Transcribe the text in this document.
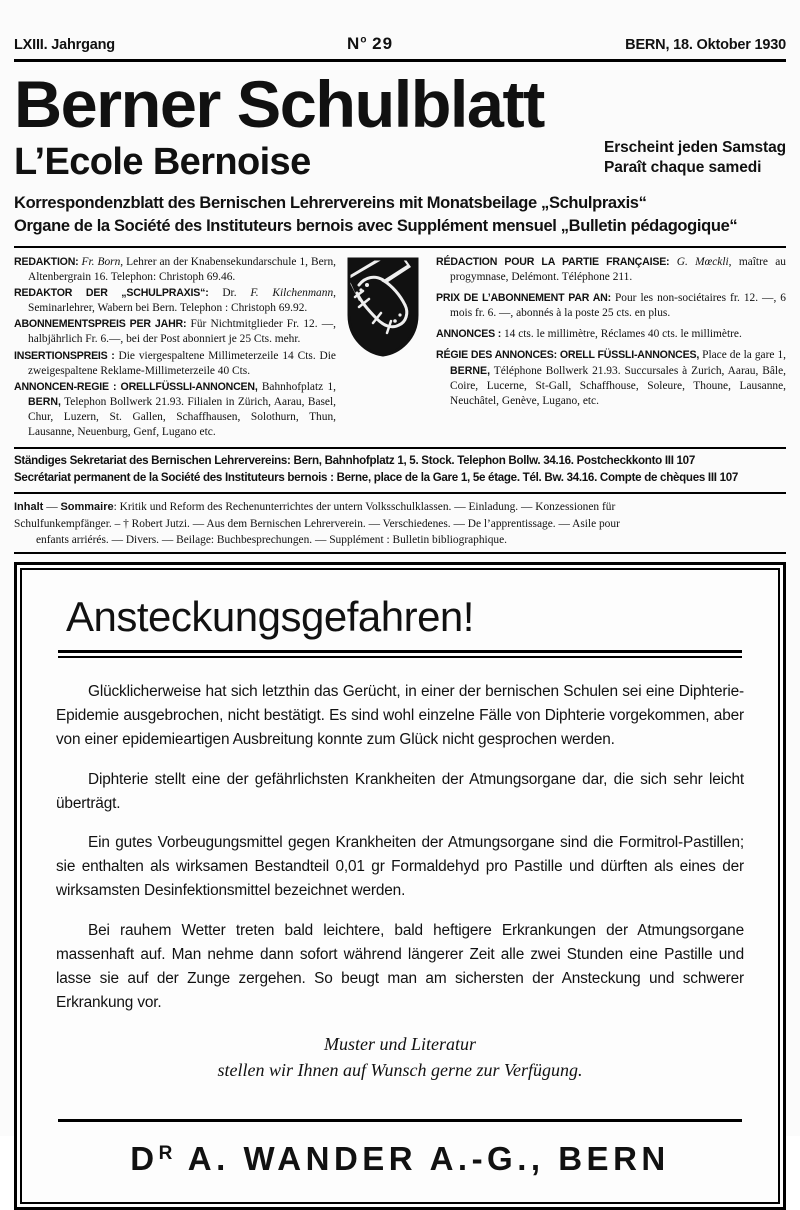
LXIII. Jahrgang	$N^o$ 29	BERN, 18. Oktober 1930
Berner Schulblatt
L’Ecole Bernoise	Erscheint jeden Samstag
Paraît chaque samedi
Korrespondenzblatt des Bernischen Lehrervereins mit Monatsbeilage „Schulpraxis“
Organe de la Société des Instituteurs bernois avec Supplément mensuel „Bulletin pédagogique“

REDAKTION: Fr. Born, Lehrer an der Knabensekundarschule 1, Bern, Altenbergrain 16. Telephon: Christoph 69.46.

REDAKTOR DER „SCHULPRAXIS“: Dr. F. Kilchenmann, Seminarlehrer, Wabern bei Bern. Telephon : Christoph 69.92.

ABONNEMENTSPREIS PER JAHR: Für Nichtmitglieder Fr. 12. —, halbjährlich Fr. 6.—, bei der Post abonniert je 25 Cts. mehr.

INSERTIONSPREIS : Die viergespaltene Millimeterzeile 14 Cts. Die zweigespaltene Reklame-Millimeterzeile 40 Cts.

ANNONCEN-REGIE : ORELLFÜSSLI-ANNONCEN, Bahnhofplatz 1, BERN, Telephon Bollwerk 21.93. Filialen in Zürich, Aarau, Basel, Chur, Luzern, St. Gallen, Schaffhausen, Solothurn, Thun, Lausanne, Neuenburg, Genf, Lugano etc.

RÉDACTION POUR LA PARTIE FRANÇAISE: G. Mœckli, maître au progymnase, Delémont. Téléphone 211.

PRIX DE L’ABONNEMENT PAR AN: Pour les non-sociétaires fr. 12. —, 6 mois fr. 6. —, abonnés à la poste 25 cts. en plus.

ANNONCES : 14 cts. le millimètre, Réclames 40 cts. le millimètre.

RÉGIE DES ANNONCES: ORELL FÜSSLI-ANNONCES, Place de la gare 1, BERNE, Téléphone Bollwerk 21.93. Succursales à Zurich, Aarau, Bâle, Coire, Lucerne, St-Gall, Schaffhouse, Soleure, Thoune, Lausanne, Neuchâtel, Genève, Lugano, etc.

Ständiges Sekretariat des Bernischen Lehrervereins: Bern, Bahnhofplatz 1, 5. Stock. Telephon Bollw. 34.16. Postcheckkonto III 107
Secrétariat permanent de la Société des Instituteurs bernois : Berne, place de la Gare 1, 5e étage. Tél. Bw. 34.16. Compte de chèques III 107
Inhalt — Sommaire: Kritik und Reform des Rechenunterrichtes der untern Volksschulklassen. — Einladung. — Konzessionen für
Schulfunkempfänger. – † Robert Jutzi. — Aus dem Bernischen Lehrerverein. — Verschiedenes. — De l’apprentissage. — Asile pour
enfants arriérés. — Divers. — Beilage: Buchbesprechungen. — Supplément : Bulletin bibliographique.
Ansteckungsgefahren!

Glücklicherweise hat sich letzthin das Gerücht, in einer der bernischen Schulen sei eine Diphterie-Epidemie ausgebrochen, nicht bestätigt. Es sind wohl einzelne Fälle von Diphterie vorgekommen, aber von einer epidemieartigen Ausbreitung konnte zum Glück nicht gesprochen werden.

Diphterie stellt eine der gefährlichsten Krankheiten der Atmungsorgane dar, die sich sehr leicht überträgt.

Ein gutes Vorbeugungsmittel gegen Krankheiten der Atmungsorgane sind die Formitrol-Pastillen; sie enthalten als wirksamen Bestandteil 0,01 gr Formaldehyd pro Pastille und dürften als eines der wirksamsten Desinfektionsmittel bezeichnet werden.

Bei rauhem Wetter treten bald leichtere, bald heftigere Erkrankungen der Atmungsorgane massenhaft auf. Man nehme dann sofort während längerer Zeit alle zwei Stunden eine Pastille und lasse sie auf der Zunge zergehen. So beugt man am sichersten der Ansteckung und schwerer Erkrankung vor.

Muster und Literatur
stellen wir Ihnen auf Wunsch gerne zur Verfügung.
$D^R$ A. WANDER A.-G., BERN
